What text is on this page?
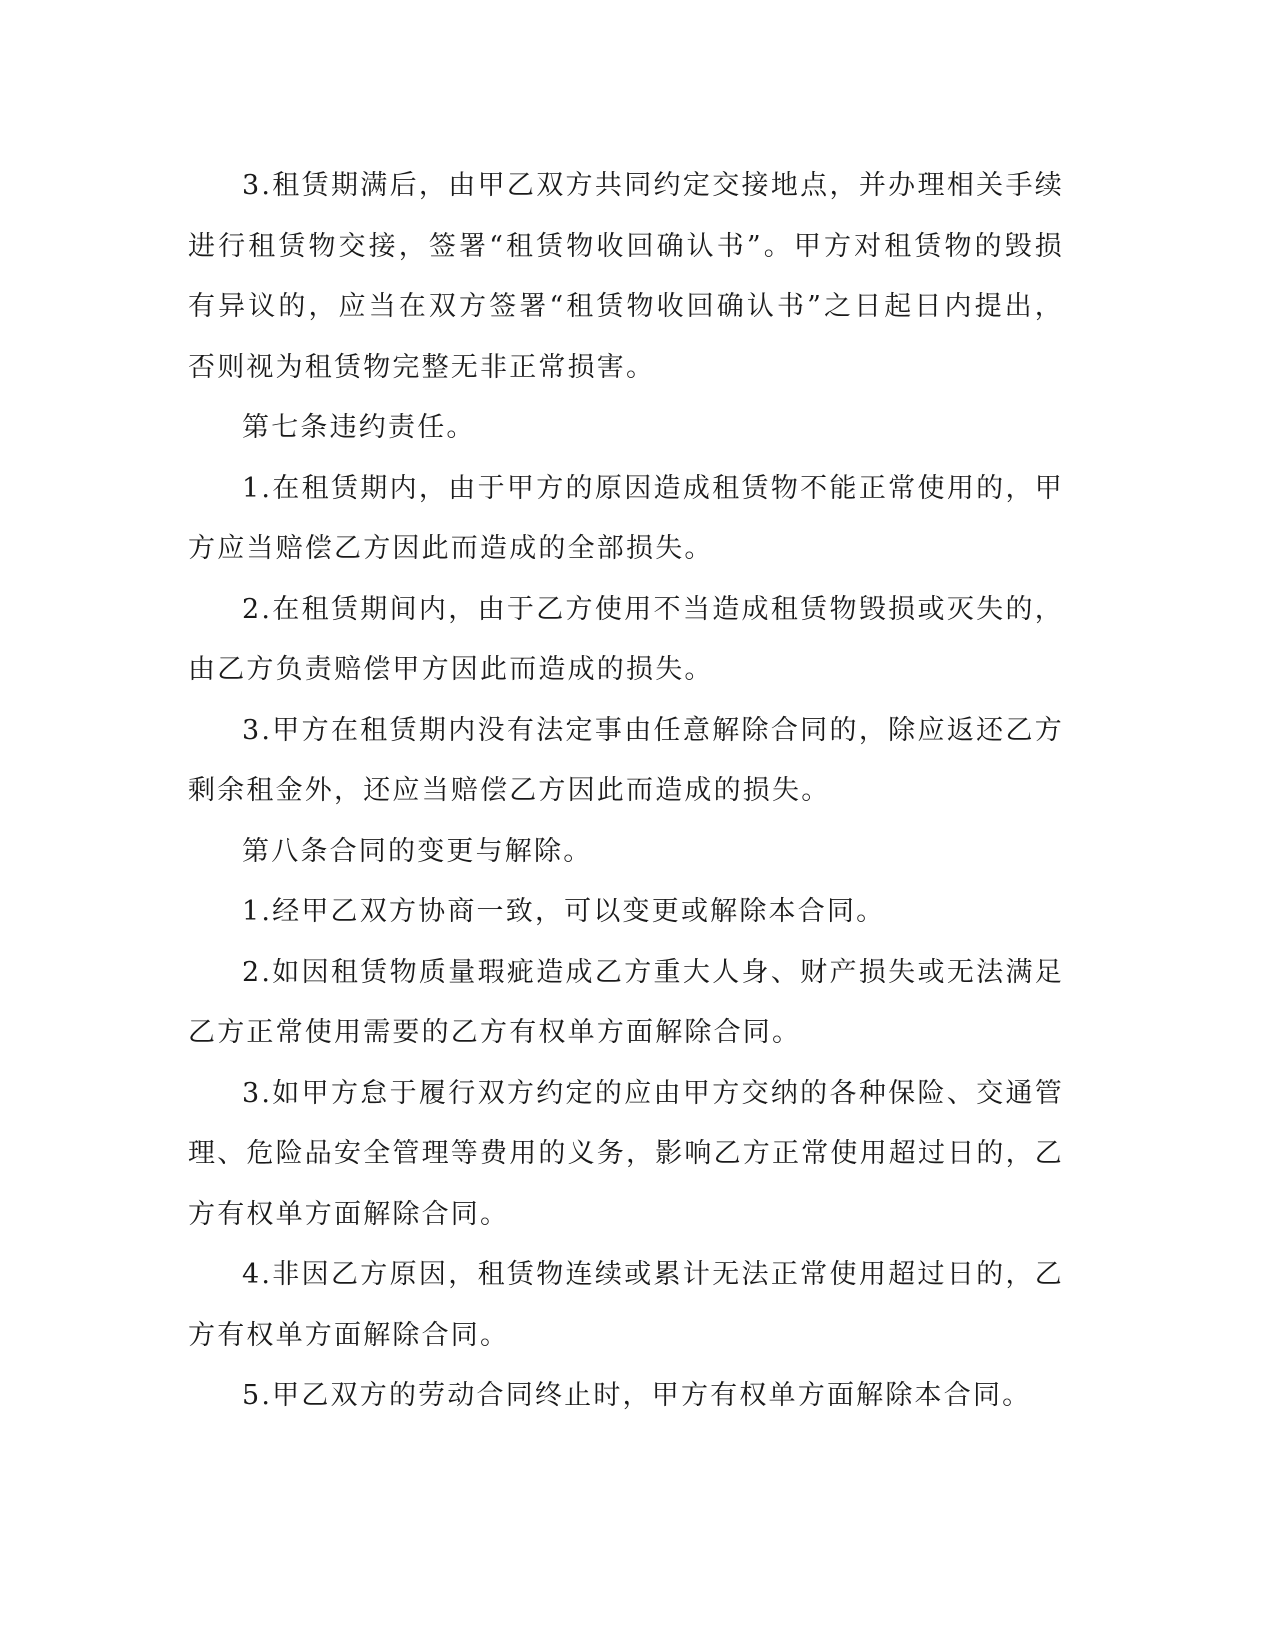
3.租赁期满后，由甲乙双方共同约定交接地点，并办理相关手续进行租赁物交接，签署“租赁物收回确认书”。甲方对租赁物的毁损有异议的，应当在双方签署“租赁物收回确认书”之日起日内提出，否则视为租赁物完整无非正常损害。

第七条违约责任。

1.在租赁期内，由于甲方的原因造成租赁物不能正常使用的，甲方应当赔偿乙方因此而造成的全部损失。

2.在租赁期间内，由于乙方使用不当造成租赁物毁损或灭失的，由乙方负责赔偿甲方因此而造成的损失。

3.甲方在租赁期内没有法定事由任意解除合同的，除应返还乙方剩余租金外，还应当赔偿乙方因此而造成的损失。

第八条合同的变更与解除。

1.经甲乙双方协商一致，可以变更或解除本合同。

2.如因租赁物质量瑕疵造成乙方重大人身、财产损失或无法满足乙方正常使用需要的乙方有权单方面解除合同。

3.如甲方怠于履行双方约定的应由甲方交纳的各种保险、交通管理、危险品安全管理等费用的义务，影响乙方正常使用超过日的，乙方有权单方面解除合同。

4.非因乙方原因，租赁物连续或累计无法正常使用超过日的，乙方有权单方面解除合同。

5.甲乙双方的劳动合同终止时，甲方有权单方面解除本合同。
